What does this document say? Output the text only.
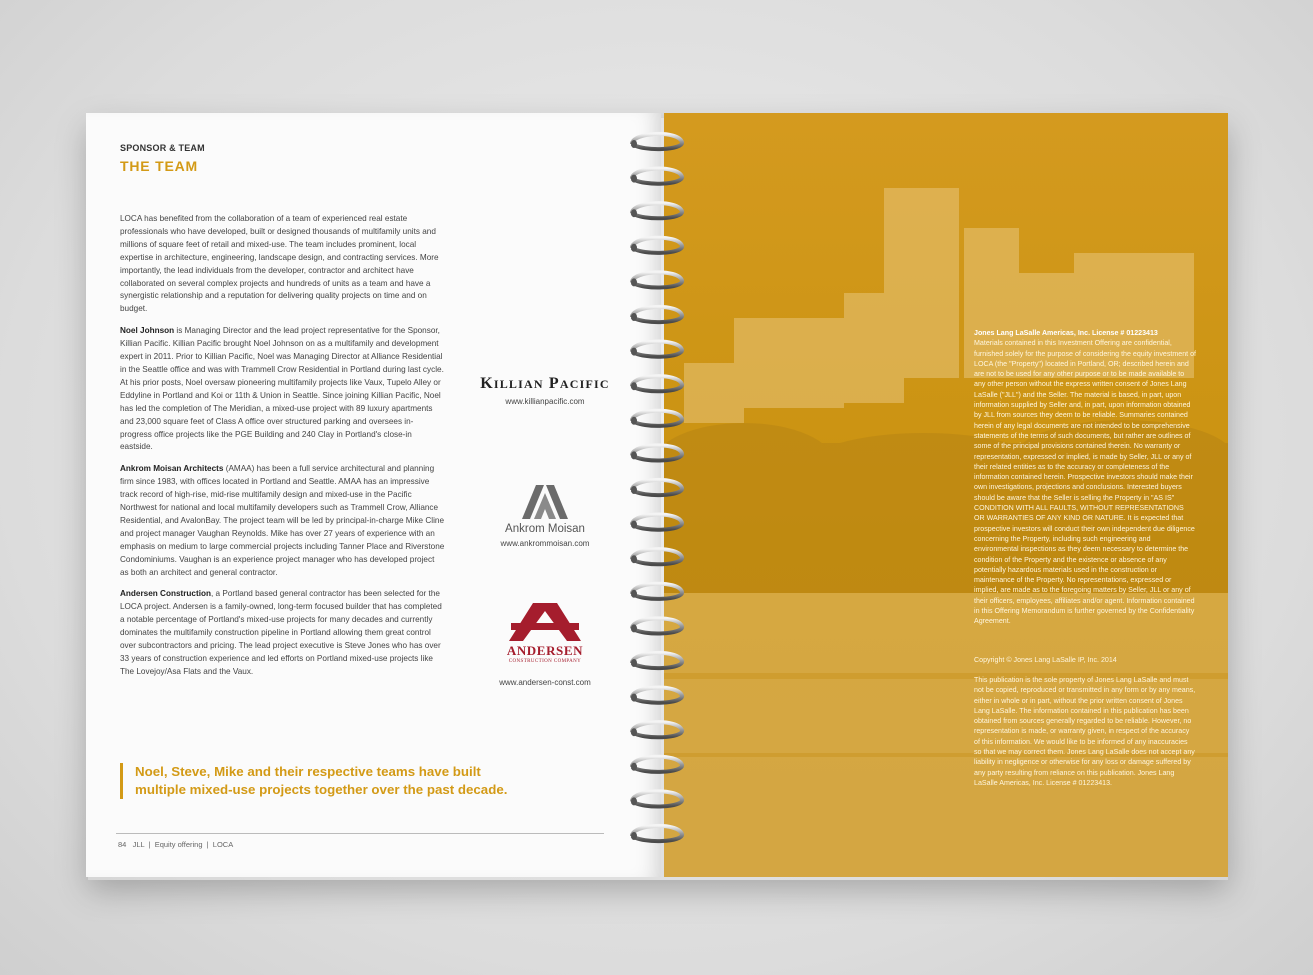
SPONSOR & TEAM
THE TEAM

LOCA has benefited from the collaboration of a team of experienced real estate professionals who have developed, built or designed thousands of multifamily units and millions of square feet of retail and mixed-use. The team includes prominent, local expertise in architecture, engineering, landscape design, and contracting services. More importantly, the lead individuals from the developer, contractor and architect have collaborated on several complex projects and hundreds of units as a team and have a synergistic relationship and a reputation for delivering quality projects on time and on budget.

Noel Johnson is Managing Director and the lead project representative for the Sponsor, Killian Pacific. Killian Pacific brought Noel Johnson on as a multifamily and development expert in 2011. Prior to Killian Pacific, Noel was Managing Director at Alliance Residential in the Seattle office and was with Trammell Crow Residential in Portland during last cycle. At his prior posts, Noel oversaw pioneering multifamily projects like Vaux, Tupelo Alley or Eddyline in Portland and Koi or 11th & Union in Seattle. Since joining Killian Pacific, Noel has led the completion of The Meridian, a mixed-use project with 89 luxury apartments and 23,000 square feet of Class A office over structured parking and oversees in-progress office projects like the PGE Building and 240 Clay in Portland's close-in eastside.

Ankrom Moisan Architects (AMAA) has been a full service architectural and planning firm since 1983, with offices located in Portland and Seattle. AMAA has an impressive track record of high-rise, mid-rise multifamily design and mixed-use in the Pacific Northwest for national and local multifamily developers such as Trammell Crow, Alliance Residential, and AvalonBay. The project team will be led by principal-in-charge Mike Cline and project manager Vaughan Reynolds. Mike has over 27 years of experience with an emphasis on medium to large commercial projects including Tanner Place and Riverstone Condominiums. Vaughan is an experience project manager who has developed project as both an architect and general contractor.

Andersen Construction, a Portland based general contractor has been selected for the LOCA project. Andersen is a family-owned, long-term focused builder that has completed a notable percentage of Portland's mixed-use projects for many decades and currently dominates the multifamily construction pipeline in Portland allowing them great control over subcontractors and pricing. The lead project executive is Steve Jones who has over 33 years of construction experience and led efforts on Portland mixed-use projects like The Lovejoy/Asa Flats and the Vaux.

KILLIAN PACIFIC
www.killianpacific.com
Ankrom Moisan
www.ankrommoisan.com
ANDERSEN
CONSTRUCTION COMPANY
www.andersen-const.com
Noel, Steve, Mike and their respective teams have built
multiple mixed-use projects together over the past decade.
84   JLL  |  Equity offering  |  LOCA
Jones Lang LaSalle Americas, Inc. License # 01223413

Materials contained in this Investment Offering are confidential, furnished solely for the purpose of considering the equity investment of LOCA (the "Property") located in Portland, OR; described herein and are not to be used for any other purpose or to be made available to any other person without the express written consent of Jones Lang LaSalle ("JLL") and the Seller. The material is based, in part, upon information supplied by Seller and, in part, upon information obtained by JLL from sources they deem to be reliable. Summaries contained herein of any legal documents are not intended to be comprehensive statements of the terms of such documents, but rather are outlines of some of the principal provisions contained therein. No warranty or representation, expressed or implied, is made by Seller, JLL or any of their related entities as to the accuracy or completeness of the information contained herein. Prospective investors should make their own investigations, projections and conclusions. Interested buyers should be aware that the Seller is selling the Property in "AS IS" CONDITION WITH ALL FAULTS, WITHOUT REPRESENTATIONS OR WARRANTIES OF ANY KIND OR NATURE. It is expected that prospective investors will conduct their own independent due diligence concerning the Property, including such engineering and environmental inspections as they deem necessary to determine the condition of the Property and the existence or absence of any potentially hazardous materials used in the construction or maintenance of the Property. No representations, expressed or implied, are made as to the foregoing matters by Seller, JLL or any of their officers, employees, affiliates and/or agent. Information contained in this Offering Memorandum is further governed by the Confidentiality Agreement.

Copyright © Jones Lang LaSalle IP, Inc. 2014

This publication is the sole property of Jones Lang LaSalle and must not be copied, reproduced or transmitted in any form or by any means, either in whole or in part, without the prior written consent of Jones Lang LaSalle. The information contained in this publication has been obtained from sources generally regarded to be reliable. However, no representation is made, or warranty given, in respect of the accuracy of this information. We would like to be informed of any inaccuracies so that we may correct them. Jones Lang LaSalle does not accept any liability in negligence or otherwise for any loss or damage suffered by any party resulting from reliance on this publication. Jones Lang LaSalle Americas, Inc. License # 01223413.
